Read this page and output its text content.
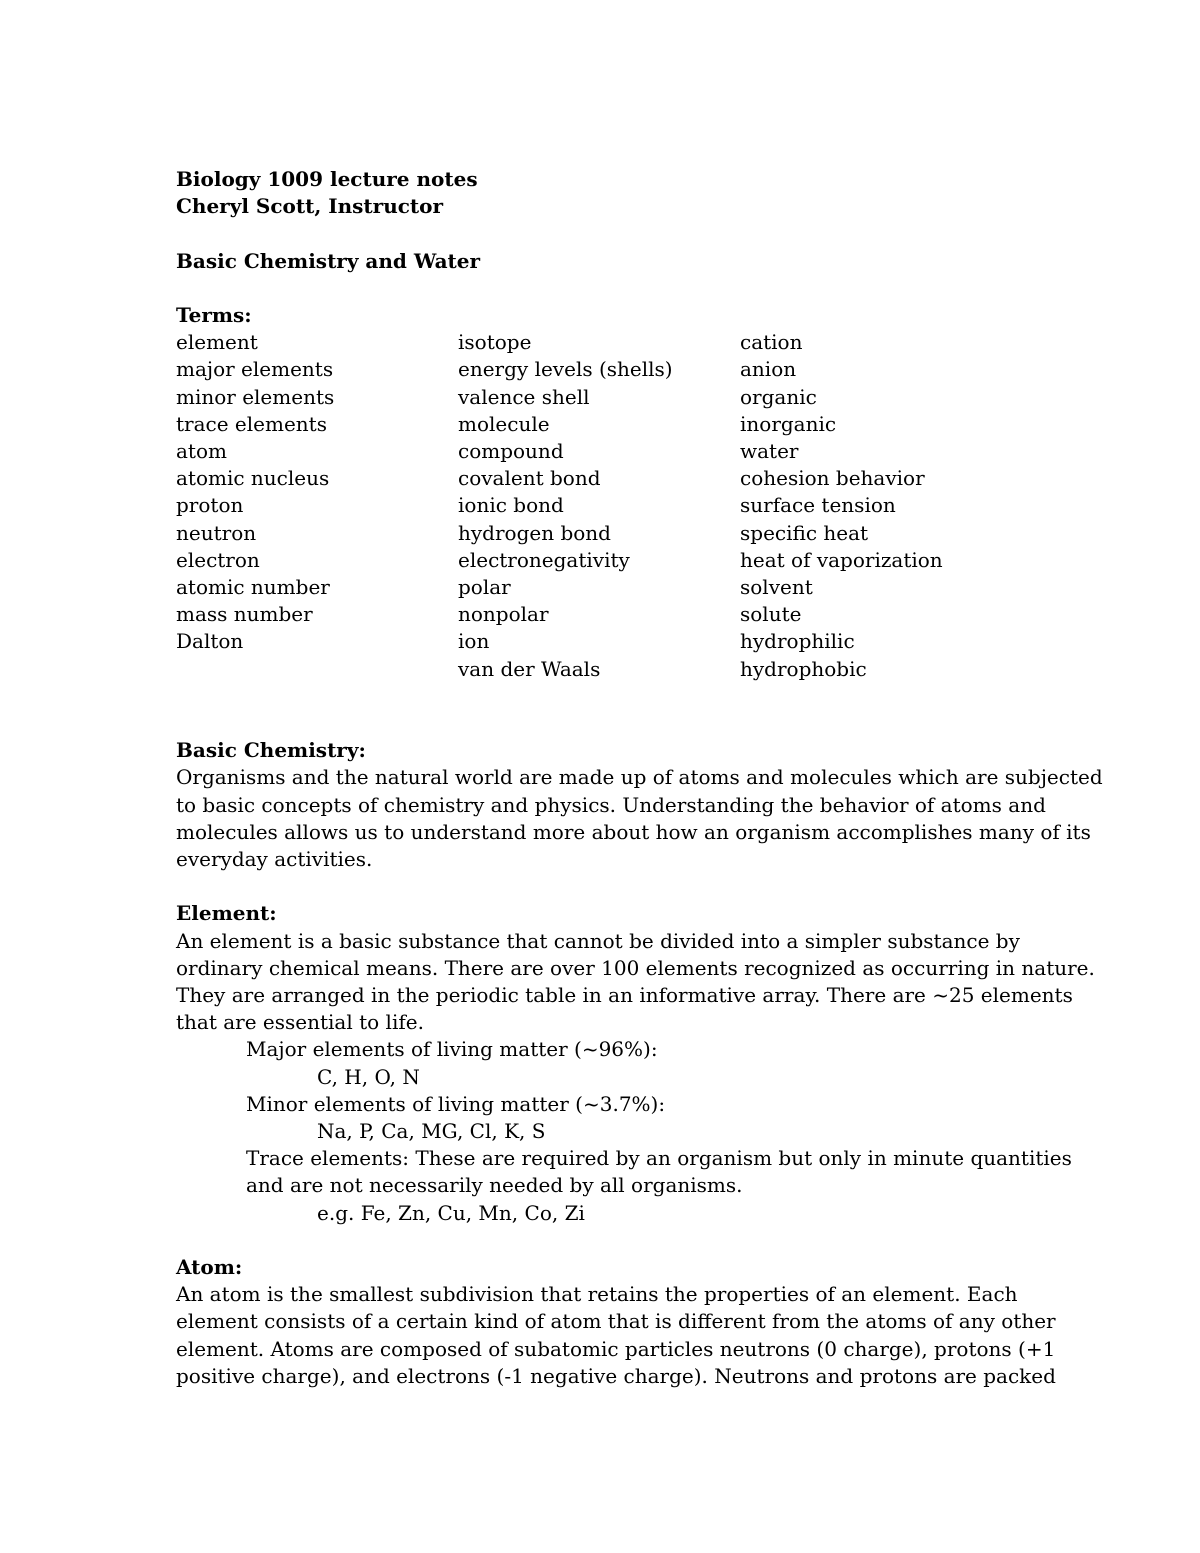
Biology 1009 lecture notes
Cheryl Scott, Instructor
Basic Chemistry and Water
Terms:
element
major elements
minor elements
trace elements
atom
atomic nucleus
proton
neutron
electron
atomic number
mass number
Dalton
isotope
energy levels (shells)
valence shell
molecule
compound
covalent bond
ionic bond
hydrogen bond
electronegativity
polar
nonpolar
ion
van der Waals
cation
anion
organic
inorganic
water
cohesion behavior
surface tension
specific heat
heat of vaporization
solvent
solute
hydrophilic
hydrophobic
Basic Chemistry:
Organisms and the natural world are made up of atoms and molecules which are subjected
to basic concepts of chemistry and physics. Understanding the behavior of atoms and
molecules allows us to understand more about how an organism accomplishes many of its
everyday activities.
Element:
An element is a basic substance that cannot be divided into a simpler substance by
ordinary chemical means. There are over 100 elements recognized as occurring in nature.
They are arranged in the periodic table in an informative array. There are ~25 elements
that are essential to life.
Major elements of living matter (~96%):
C, H, O, N
Minor elements of living matter (~3.7%):
Na, P, Ca, MG, Cl, K, S
Trace elements: These are required by an organism but only in minute quantities
and are not necessarily needed by all organisms.
e.g. Fe, Zn, Cu, Mn, Co, Zi
Atom:
An atom is the smallest subdivision that retains the properties of an element. Each
element consists of a certain kind of atom that is different from the atoms of any other
element. Atoms are composed of subatomic particles neutrons (0 charge), protons (+1
positive charge), and electrons (-1 negative charge). Neutrons and protons are packed
